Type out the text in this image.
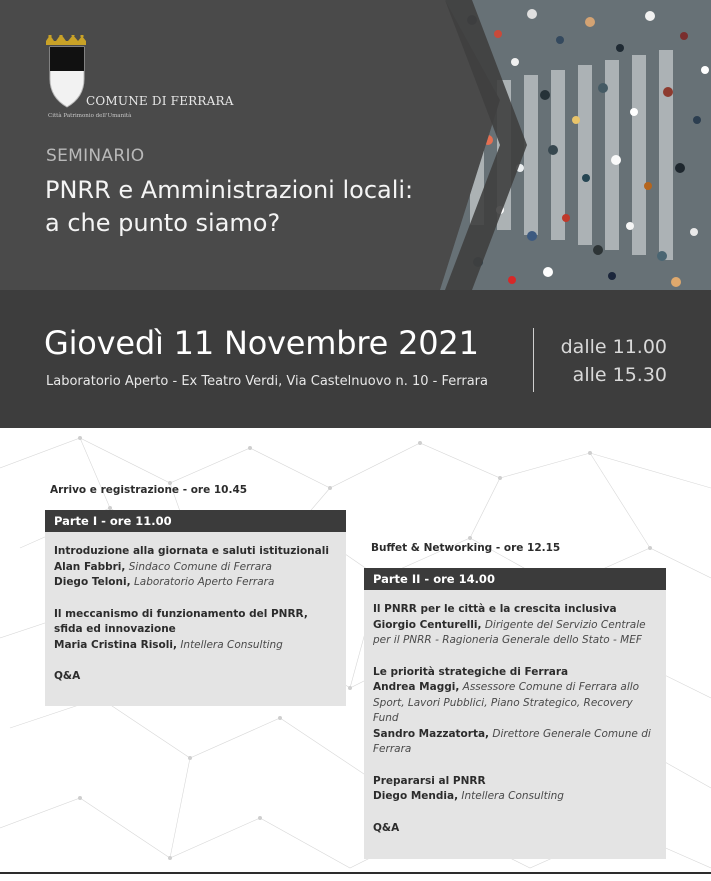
COMUNE DI FERRARA
Città Patrimonio dell'Umanità
SEMINARIO
PNRR e Amministrazioni locali:
a che punto siamo?
Giovedì 11 Novembre 2021
Laboratorio Aperto - Ex Teatro Verdi, Via Castelnuovo n. 10 - Ferrara
dalle 11.00
alle 15.30
Arrivo e registrazione - ore 10.45
Parte I - ore 11.00
Introduzione alla giornata e saluti istituzionali
Alan Fabbri, Sindaco Comune di Ferrara
Diego Teloni, Laboratorio Aperto Ferrara
Il meccanismo di funzionamento del PNRR,
sfida ed innovazione
Maria Cristina Risoli, Intellera Consulting
Q&A
Buffet & Networking - ore 12.15
Parte II - ore 14.00
Il PNRR per le città e la crescita inclusiva
Giorgio Centurelli, Dirigente del Servizio Centrale per il PNRR - Ragioneria Generale dello Stato - MEF
Le priorità strategiche di Ferrara
Andrea Maggi, Assessore Comune di Ferrara allo Sport, Lavori Pubblici, Piano Strategico, Recovery Fund
Sandro Mazzatorta, Direttore Generale Comune di Ferrara
Prepararsi al PNRR
Diego Mendia, Intellera Consulting
Q&A
